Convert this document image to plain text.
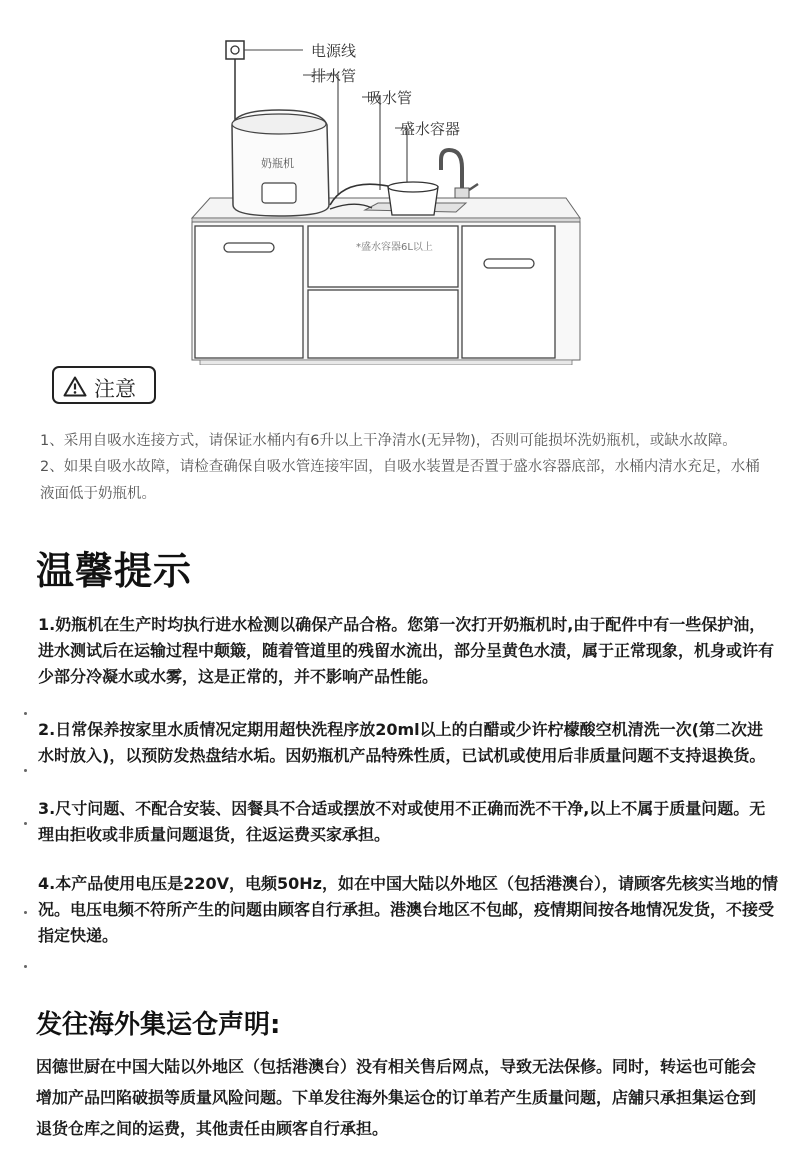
电源线
排水管
吸水管
盛水容器
奶瓶机
*盛水容器6L以上
注意

1、采用自吸水连接方式，请保证水桶内有6升以上干净清水(无异物)，否则可能损坏洗奶瓶机，或缺水故障。

2、如果自吸水故障，请检查确保自吸水管连接牢固，自吸水装置是否置于盛水容器底部，水桶内清水充足，水桶液面低于奶瓶机。

温馨提示

1.奶瓶机在生产时均执行进水检测以确保产品合格。您第一次打开奶瓶机时,由于配件中有一些保护油，进水测试后在运输过程中颠簸，随着管道里的残留水流出，部分呈黄色水渍，属于正常现象，机身或许有少部分冷凝水或水雾，这是正常的，并不影响产品性能。

2.日常保养按家里水质情况定期用超快洗程序放20ml以上的白醋或少许柠檬酸空机清洗一次(第二次进水时放入)，以预防发热盘结水垢。因奶瓶机产品特殊性质，已试机或使用后非质量问题不支持退换货。

3.尺寸问题、不配合安装、因餐具不合适或摆放不对或使用不正确而洗不干净,以上不属于质量问题。无理由拒收或非质量问题退货，往返运费买家承担。

4.本产品使用电压是220V，电频50Hz，如在中国大陆以外地区（包括港澳台），请顾客先核实当地的情况。电压电频不符所产生的问题由顾客自行承担。港澳台地区不包邮，疫情期间按各地情况发货，不接受指定快递。

发往海外集运仓声明:

因德世厨在中国大陆以外地区（包括港澳台）没有相关售后网点，导致无法保修。同时，转运也可能会增加产品凹陷破损等质量风险问题。下单发往海外集运仓的订单若产生质量问题，店舖只承担集运仓到退货仓库之间的运费，其他责任由顾客自行承担。
